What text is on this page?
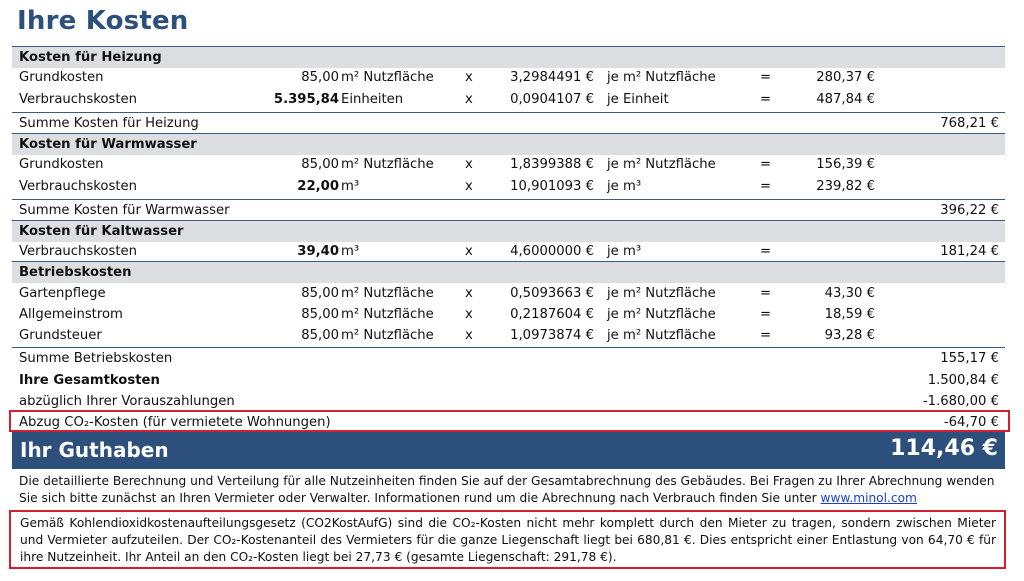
Ihre Kosten
Kosten für Heizung
Grundkosten	85,00 m² Nutzfläche x	3,2984491 € je m² Nutzfläche	=	280,37 €
Verbrauchskosten	5.395,84 Einheiten	x	0,0904107 € je Einheit	=	487,84 €
Summe Kosten für Heizung	768,21 €
Kosten für Warmwasser
Grundkosten	85,00 m² Nutzfläche x	1,8399388 € je m² Nutzfläche	=	156,39 €
Verbrauchskosten	22,00 m³	x	10,901093 € je m³	=	239,82 €
Summe Kosten für Warmwasser	396,22 €
Kosten für Kaltwasser
Verbrauchskosten	39,40 m³	x	4,6000000 € je m³	=	181,24 €
Betriebskosten
Gartenpflege	85,00 m² Nutzfläche x	0,5093663 € je m² Nutzfläche	=	43,30 €
Allgemeinstrom	85,00 m² Nutzfläche x	0,2187604 € je m² Nutzfläche	=	18,59 €
Grundsteuer	85,00 m² Nutzfläche x	1,0973874 € je m² Nutzfläche	=	93,28 €
Summe Betriebskosten	155,17 €
Ihre Gesamtkosten	1.500,84 €
abzüglich Ihrer Vorauszahlungen	-1.680,00 €
Abzug CO₂-Kosten (für vermietete Wohnungen)	-64,70 €
Ihr Guthaben	114,46 €
Die detaillierte Berechnung und Verteilung für alle Nutzeinheiten finden Sie auf der Gesamtabrechnung des Gebäudes. Bei Fragen zu Ihrer Abrechnung wenden Sie sich bitte zunächst an Ihren Vermieter oder Verwalter. Informationen rund um die Abrechnung nach Verbrauch finden Sie unter www.minol.com

Gemäß Kohlendioxidkostenaufteilungsgesetz (CO2KostAufG) sind die CO₂-Kosten nicht mehr komplett durch den Mieter zu tragen, sondern zwischen Mieter und Vermieter aufzuteilen. Der CO₂-Kostenanteil des Vermieters für die ganze Liegenschaft liegt bei 680,81 €. Dies entspricht einer Entlastung von 64,70 € für ihre Nutzeinheit. Ihr Anteil an den CO₂-Kosten liegt bei 27,73 € (gesamte Liegenschaft: 291,78 €).
